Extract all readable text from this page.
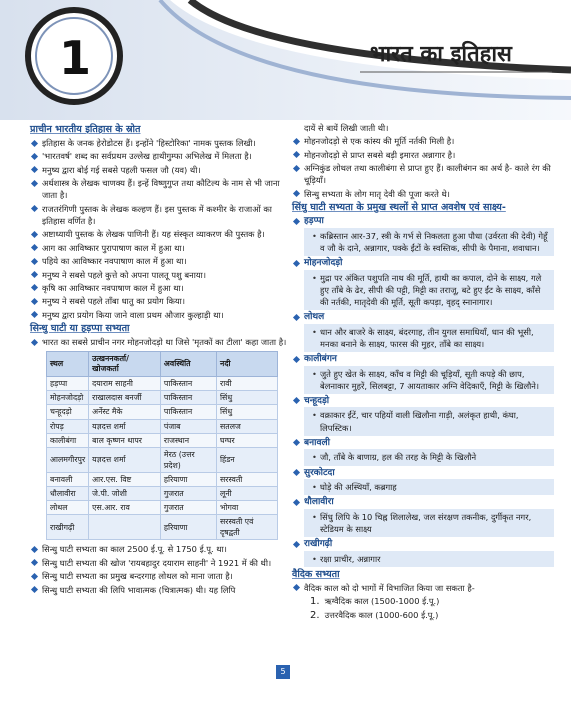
1	भारत का इतिहास
प्राचीन भारतीय इतिहास के स्रोत
इतिहास के जनक हेरोडोटस हैं। इन्होंने 'हिस्टोरिका' नामक पुस्तक लिखी।
'भारतवर्ष' शब्द का सर्वप्रथम उल्लेख हाथीगुम्फा अभिलेख में मिलता है।
मनुष्य द्वारा बोई गई सबसे पहली फसल जौ (यव) थी।
अर्थशास्त्र के लेखक चाणक्य हैं। इन्हें विष्णुगुप्त तथा कौटिल्य के नाम से भी जाना जाता है।
राजतरंगिणी पुस्तक के लेखक कल्हण हैं। इस पुस्तक में कश्मीर के राजाओं का इतिहास वर्णित है।
अष्टाध्यायी पुस्तक के लेखक पाणिनी हैं। यह संस्कृत व्याकरण की पुस्तक है।
आग का आविष्कार पुरापाषाण काल में हुआ था।
पहिये का आविष्कार नवपाषाण काल में हुआ था।
मनुष्य ने सबसे पहले कुत्ते को अपना पालतू पशु बनाया।
कृषि का आविष्कार नवपाषाण काल में हुआ था।
मनुष्य ने सबसे पहले ताँबा धातु का प्रयोग किया।
मनुष्य द्वारा प्रयोग किया जाने वाला प्रथम औजार कुल्हाड़ी था।
सिन्धु घाटी या हड़प्पा सभ्यता
भारत का सबसे प्राचीन नगर मोहनजोदड़ो था जिसे 'मृतकों का टीला' कहा जाता है।
स्थल	उत्खननकर्ता/ खोजकर्ता	अवस्थिति	नदी
हड़प्पा	दयाराम साहनी	पाकिस्तान	रावी
मोहनजोदड़ो	राखालदास बनर्जी	पाकिस्तान	सिंधु
चन्हूदड़ो	अर्नेस्ट मैके	पाकिस्तान	सिंधु
रोपड़	यज्ञदत्त शर्मा	पंजाब	सतलज
कालीबंगा	बाल कृष्णन थापर	राजस्थान	घग्घर
आलमगीरपुर	यज्ञदत्त शर्मा	मेरठ (उत्तर प्रदेश)	हिंडन
बनावली	आर.एस. विष्ट	हरियाणा	सरस्वती
धौलावीरा	जे.पी. जोशी	गुजरात	लूनी
लोथल	एस.आर. राव	गुजरात	भोगवा
राखीगढ़ी		हरियाणा	सरस्वती एवं दृषद्वती
सिन्धु घाटी सभ्यता का काल 2500 ई.पू. से 1750 ई.पू. था।
सिन्धु घाटी सभ्यता की खोज 'रायबहादुर दयाराम साहनी' ने 1921 में की थी।
सिन्धु घाटी सभ्यता का प्रमुख बन्दरगाह लोथल को माना जाता है।
सिन्धु घाटी सभ्यता की लिपि भावात्मक (चित्रात्मक) थी। यह लिपि
दायें से बायें लिखी जाती थी।
मोहनजोदड़ो से एक कांस्य की मूर्ति नर्तकी मिली है।
मोहनजोदड़ो से प्राप्त सबसे बड़ी इमारत अन्नागार है।
अग्निकुंड लोथल तथा कालीबंगा से प्राप्त हुए हैं। कालीबंगन का अर्थ है- काले रंग की चूड़ियाँ।
सिन्धु सभ्यता के लोग मातृ देवी की पूजा करते थे।
सिंधु घाटी सभ्यता के प्रमुख स्थलों से प्राप्त अवशेष एवं साक्ष्य-
हड़प्पा
• कब्रिस्तान आर-37, स्त्री के गर्भ से निकलता हुआ पौधा (उर्वरता की देवी) गेहूँ व जौ के दाने, अन्नागार, पक्के ईंटों के स्वस्तिक, सीपी के पैमाना, शवाधान।
मोहनजोदड़ो
• मुद्रा पर अंकित पशुपति नाथ की मूर्ति, हाथी का कपाल, दोने के साक्ष्य, गले हुए ताँबे के ढेर, सीपी की पट्टी, मिट्टी का तराजू, बटे हुए ईंट के साक्ष्य, काँसे की नर्तकी, मातृदेवी की मूर्ति, सूती कपड़ा, वृहद् स्नानागार।
लोथल
• धान और बाजरे के साक्ष्य, बंदरगाह, तीन युगल समाधियाँ, धान की भूसी, मनका बनाने के साक्ष्य, फारस की मुहर, ताँबे का साक्ष्य।
कालीबंगन
• जुते हुए खेत के साक्ष्य, काँच व मिट्टी की चूड़ियाँ, सूती कपड़े की छाप, बेलनाकार मुहरें, सिलबट्टा, 7 आयताकार अग्नि वेदिकाएँ, मिट्टी के खिलौने।
चन्हूदड़ो
• वक्राकार ईंटें, चार पहियों वाली खिलौना गाड़ी, अलंकृत हाथी, कंघा, लिपस्टिक।
बनावली
• जौ, ताँबे के बाणाग्र, हल की तरह के मिट्टी के खिलौने
सुरकोटदा
• घोड़े की अस्थियाँ, कब्रगाह
धौलावीरा
• सिंधु लिपि के 10 चिह्न शिलालेख, जल संरक्षण तकनीक, दुर्गीकृत नगर, स्टेडियम के साक्ष्य
राखीगढ़ी
• रक्षा प्राचीर, अन्नागार
वैदिक सभ्यता
वैदिक काल को दो भागों में विभाजित किया जा सकता है-
1. ऋग्वैदिक काल (1500-1000 ई.पू.)
2. उत्तरवैदिक काल (1000-600 ई.पू.)
5
